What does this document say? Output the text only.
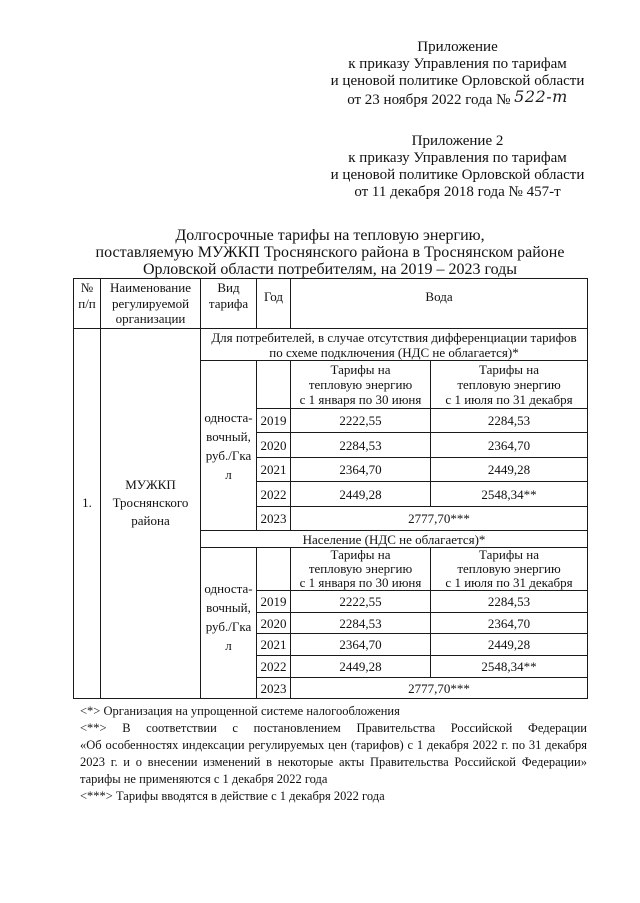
Приложение
к приказу Управления по тарифам
и ценовой политике Орловской области
от 23 ноября 2022 года № 522-т
Приложение 2
к приказу Управления по тарифам
и ценовой политике Орловской области
от 11 декабря 2018 года № 457-т
Долгосрочные тарифы на тепловую энергию,
поставляемую МУЖКП Троснянского района в Троснянском районе
Орловской области потребителям, на 2019 – 2023 годы
№
п/п	Наименование
регулируемой
организации	Вид
тарифа	Год	Вода	
1.	МУЖКП
Троснянского
района	Для потребителей, в случае отсутствия дифференциации тарифов
по схеме подключения (НДС не облагается)*			
		односта-
вочный,
руб./Гка
л		Тарифы на
тепловую энергию
с 1 января по 30 июня	Тарифы на
тепловую энергию
с 1 июля по 31 декабря
			2019	2222,55	2284,53
			2020	2284,53	2364,70
			2021	2364,70	2449,28
			2022	2449,28	2548,34**
			2023	2777,70***	
		Население (НДС не облагается)*			
		односта-
вочный,
руб./Гка
л		Тарифы на
тепловую энергию
с 1 января по 30 июня	Тарифы на
тепловую энергию
с 1 июля по 31 декабря
			2019	2222,55	2284,53
			2020	2284,53	2364,70
			2021	2364,70	2449,28
			2022	2449,28	2548,34**
			2023	2777,70***	
<*> Организация на упрощенной системе налогообложения
<**> В соответствии с постановлением Правительства Российской Федерации
«Об особенностях индексации регулируемых цен (тарифов) с 1 декабря 2022 г. по 31 декабря
2023 г. и о внесении изменений в некоторые акты Правительства Российской Федерации»
тарифы не применяются с 1 декабря 2022 года
<***> Тарифы вводятся в действие с 1 декабря 2022 года
